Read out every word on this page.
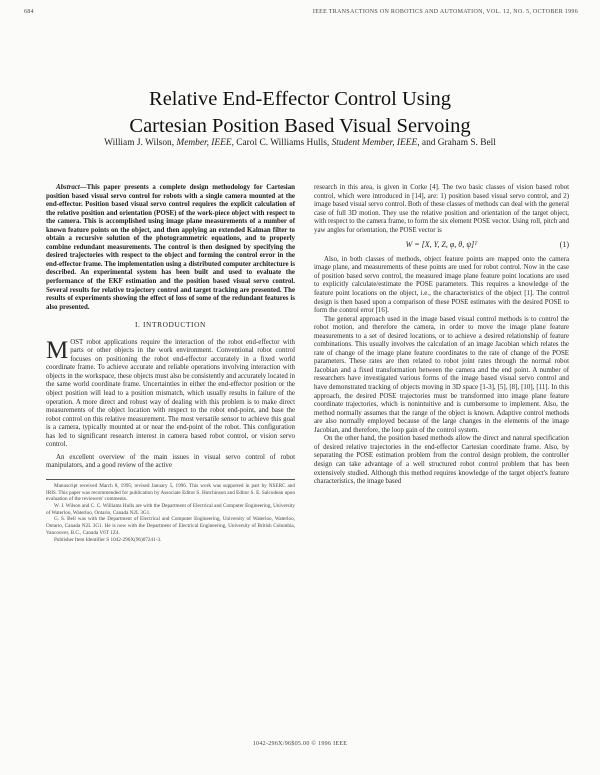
684	IEEE TRANSACTIONS ON ROBOTICS AND AUTOMATION, VOL. 12, NO. 5, OCTOBER 1996
Relative End-Effector Control Using
Cartesian Position Based Visual Servoing
William J. Wilson, Member, IEEE, Carol C. Williams Hulls, Student Member, IEEE, and Graham S. Bell

Abstract—This paper presents a complete design methodology for Cartesian position based visual servo control for robots with a single camera mounted at the end-effector. Position based visual servo control requires the explicit calculation of the relative position and orientation (POSE) of the work-piece object with respect to the camera. This is accomplished using image plane measurements of a number of known feature points on the object, and then applying an extended Kalman filter to obtain a recursive solution of the photogrammetric equations, and to properly combine redundant measurements. The control is then designed by specifying the desired trajectories with respect to the object and forming the control error in the end-effector frame. The implementation using a distributed computer architecture is described. An experimental system has been built and used to evaluate the performance of the EKF estimation and the position based visual servo control. Several results for relative trajectory control and target tracking are presented. The results of experiments showing the effect of loss of some of the redundant features is also presented.

I. INTRODUCTION

MOST robot applications require the interaction of the robot end-effector with parts or other objects in the work environment. Conventional robot control focuses on positioning the robot end-effector accurately in a fixed world coordinate frame. To achieve accurate and reliable operations involving interaction with objects in the workspace, these objects must also be consistently and accurately located in the same world coordinate frame. Uncertainties in either the end-effector position or the object position will lead to a position mismatch, which usually results in failure of the operation. A more direct and robust way of dealing with this problem is to make direct measurements of the object location with respect to the robot end-point, and base the robot control on this relative measurement. The most versatile sensor to achieve this goal is a camera, typically mounted at or near the end-point of the robot. This configuration has led to significant research interest in camera based robot control, or vision servo control.

An excellent overview of the main issues in visual servo control of robot manipulators, and a good review of the active

Manuscript received March 8, 1995; revised January 5, 1996. This work was supported in part by NSERC and IRIS. This paper was recommended for publication by Associate Editor S. Hutchinson and Editor S. E. Salcudean upon evaluation of the reviewers' comments.

W. J. Wilson and C. C. Williams Hulls are with the Department of Electrical and Computer Engineering, University of Waterloo, Waterloo, Ontario, Canada N2L 3G1.

G. S. Bell was with the Department of Electrical and Computer Engineering, University of Waterloo, Waterloo, Ontario, Canada N2L 3G1. He is now with the Department of Electrical Engineering, University of British Columbia, Vancouver, B.C., Canada V6T 1Z4.

Publisher Item Identifier S 1042-296X(96)07241-3.

research in this area, is given in Corke [4]. The two basic classes of vision based robot control, which were introduced in [14], are: 1) position based visual servo control, and 2) image based visual servo control. Both of these classes of methods can deal with the general case of full 3D motion. They use the relative position and orientation of the target object, with respect to the camera frame, to form the six element POSE vector. Using roll, pitch and yaw angles for orientation, the POSE vector is

W = [X, Y, Z, φ, θ, ψ]ᵀ	(1)

Also, in both classes of methods, object feature points are mapped onto the camera image plane, and measurements of these points are used for robot control. Now in the case of position based servo control, the measured image plane feature point locations are used to explicitly calculate/estimate the POSE parameters. This requires a knowledge of the feature point locations on the object, i.e., the characteristics of the object [1]. The control design is then based upon a comparison of these POSE estimates with the desired POSE to form the control error [16].

The general approach used in the image based visual control methods is to control the robot motion, and therefore the camera, in order to move the image plane feature measurements to a set of desired locations, or to achieve a desired relationship of feature combinations. This usually involves the calculation of an image Jacobian which relates the rate of change of the image plane feature coordinates to the rate of change of the POSE parameters. These rates are then related to robot joint rates through the normal robot Jacobian and a fixed transformation between the camera and the end point. A number of researchers have investigated various forms of the image based visual servo control and have demonstrated tracking of objects moving in 3D space [1-3], [5], [8], [10], [11]. In this approach, the desired POSE trajectories must be transformed into image plane feature coordinate trajectories, which is nonintuitive and is cumbersome to implement. Also, the method normally assumes that the range of the object is known. Adaptive control methods are also normally employed because of the large changes in the elements of the image Jacobian, and therefore, the loop gain of the control system.

On the other hand, the position based methods allow the direct and natural specification of desired relative trajectories in the end-effector Cartesian coordinate frame. Also, by separating the POSE estimation problem from the control design problem, the controller design can take advantage of a well structured robot control problem that has been extensively studied. Although this method requires knowledge of the target object's feature characteristics, the image based

1042-296X/96$05.00 © 1996 IEEE
